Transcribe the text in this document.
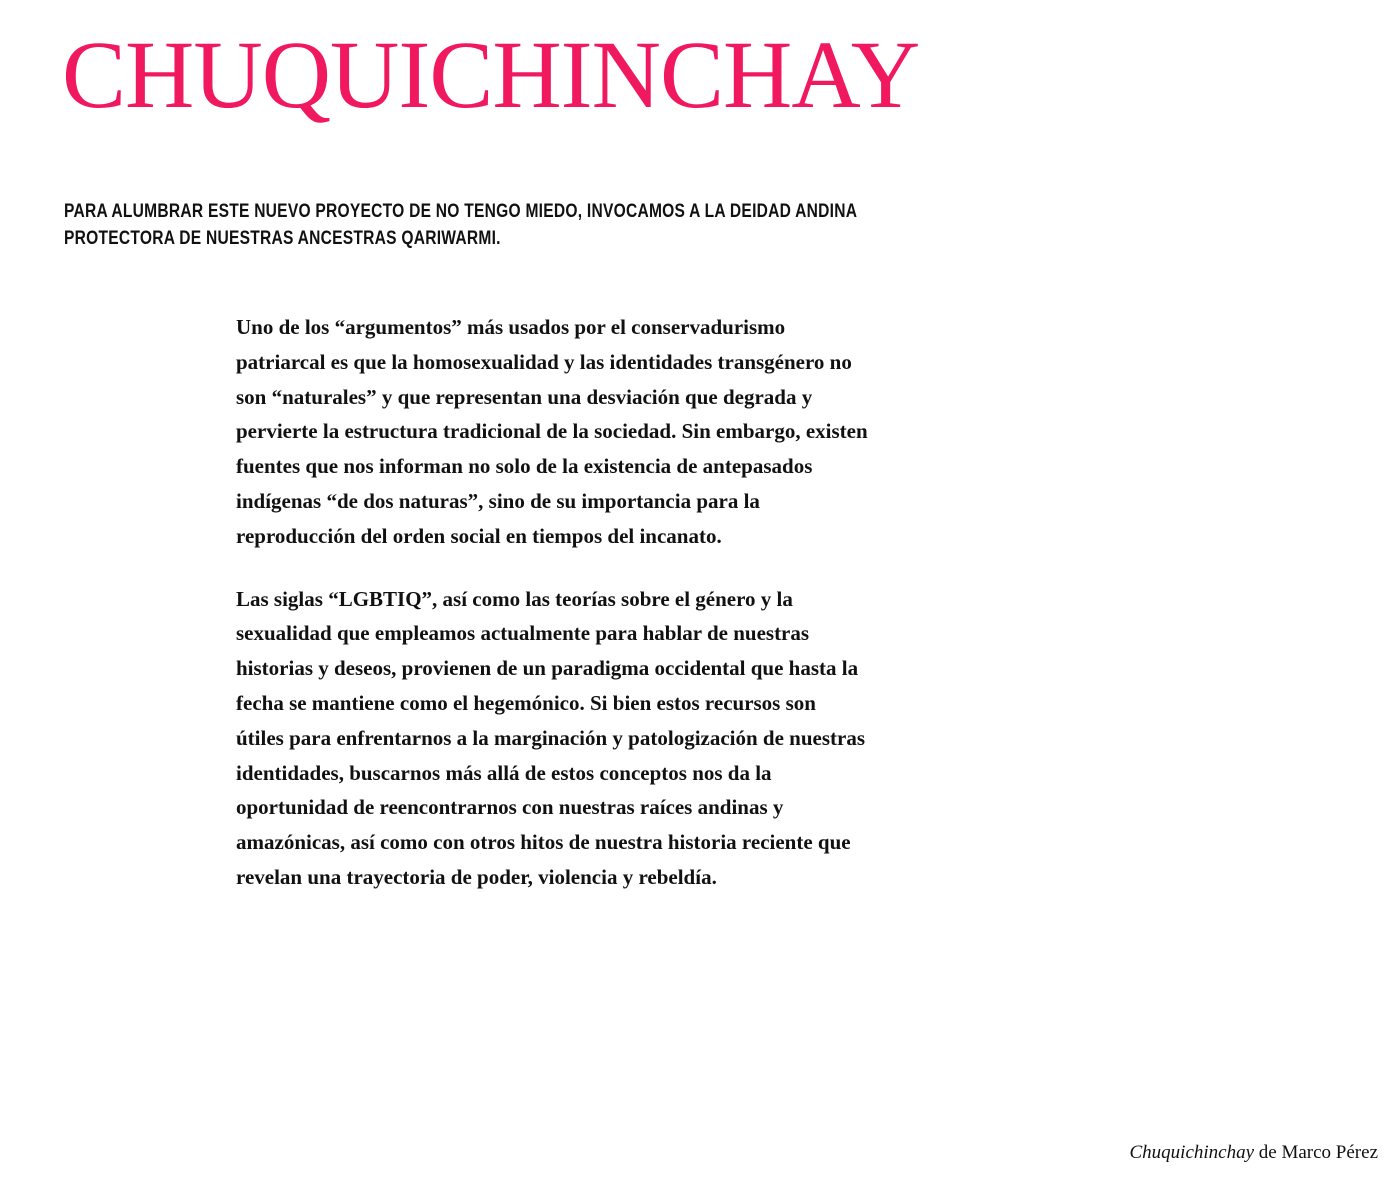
CHUQUICHINCHAY

PARA ALUMBRAR ESTE NUEVO PROYECTO DE NO TENGO MIEDO, INVOCAMOS A LA DEIDAD ANDINA PROTECTORA DE NUESTRAS ANCESTRAS QARIWARMI.

Uno de los “argumentos” más usados por el conservadurismo patriarcal es que la homosexualidad y las identidades transgénero no son “naturales” y que representan una desviación que degrada y pervierte la estructura tradicional de la sociedad. Sin embargo, existen fuentes que nos informan no solo de la existencia de antepasados indígenas “de dos naturas”, sino de su importancia para la reproducción del orden social en tiempos del incanato.

Las siglas “LGBTIQ”, así como las teorías sobre el género y la sexualidad que empleamos actualmente para hablar de nuestras historias y deseos, provienen de un paradigma occidental que hasta la fecha se mantiene como el hegemónico. Si bien estos recursos son útiles para enfrentarnos a la marginación y patologización de nuestras identidades, buscarnos más allá de estos conceptos nos da la oportunidad de reencontrarnos con nuestras raíces andinas y amazónicas, así como con otros hitos de nuestra historia reciente que revelan una trayectoria de poder, violencia y rebeldía.

Chuquichinchay de Marco Pérez
